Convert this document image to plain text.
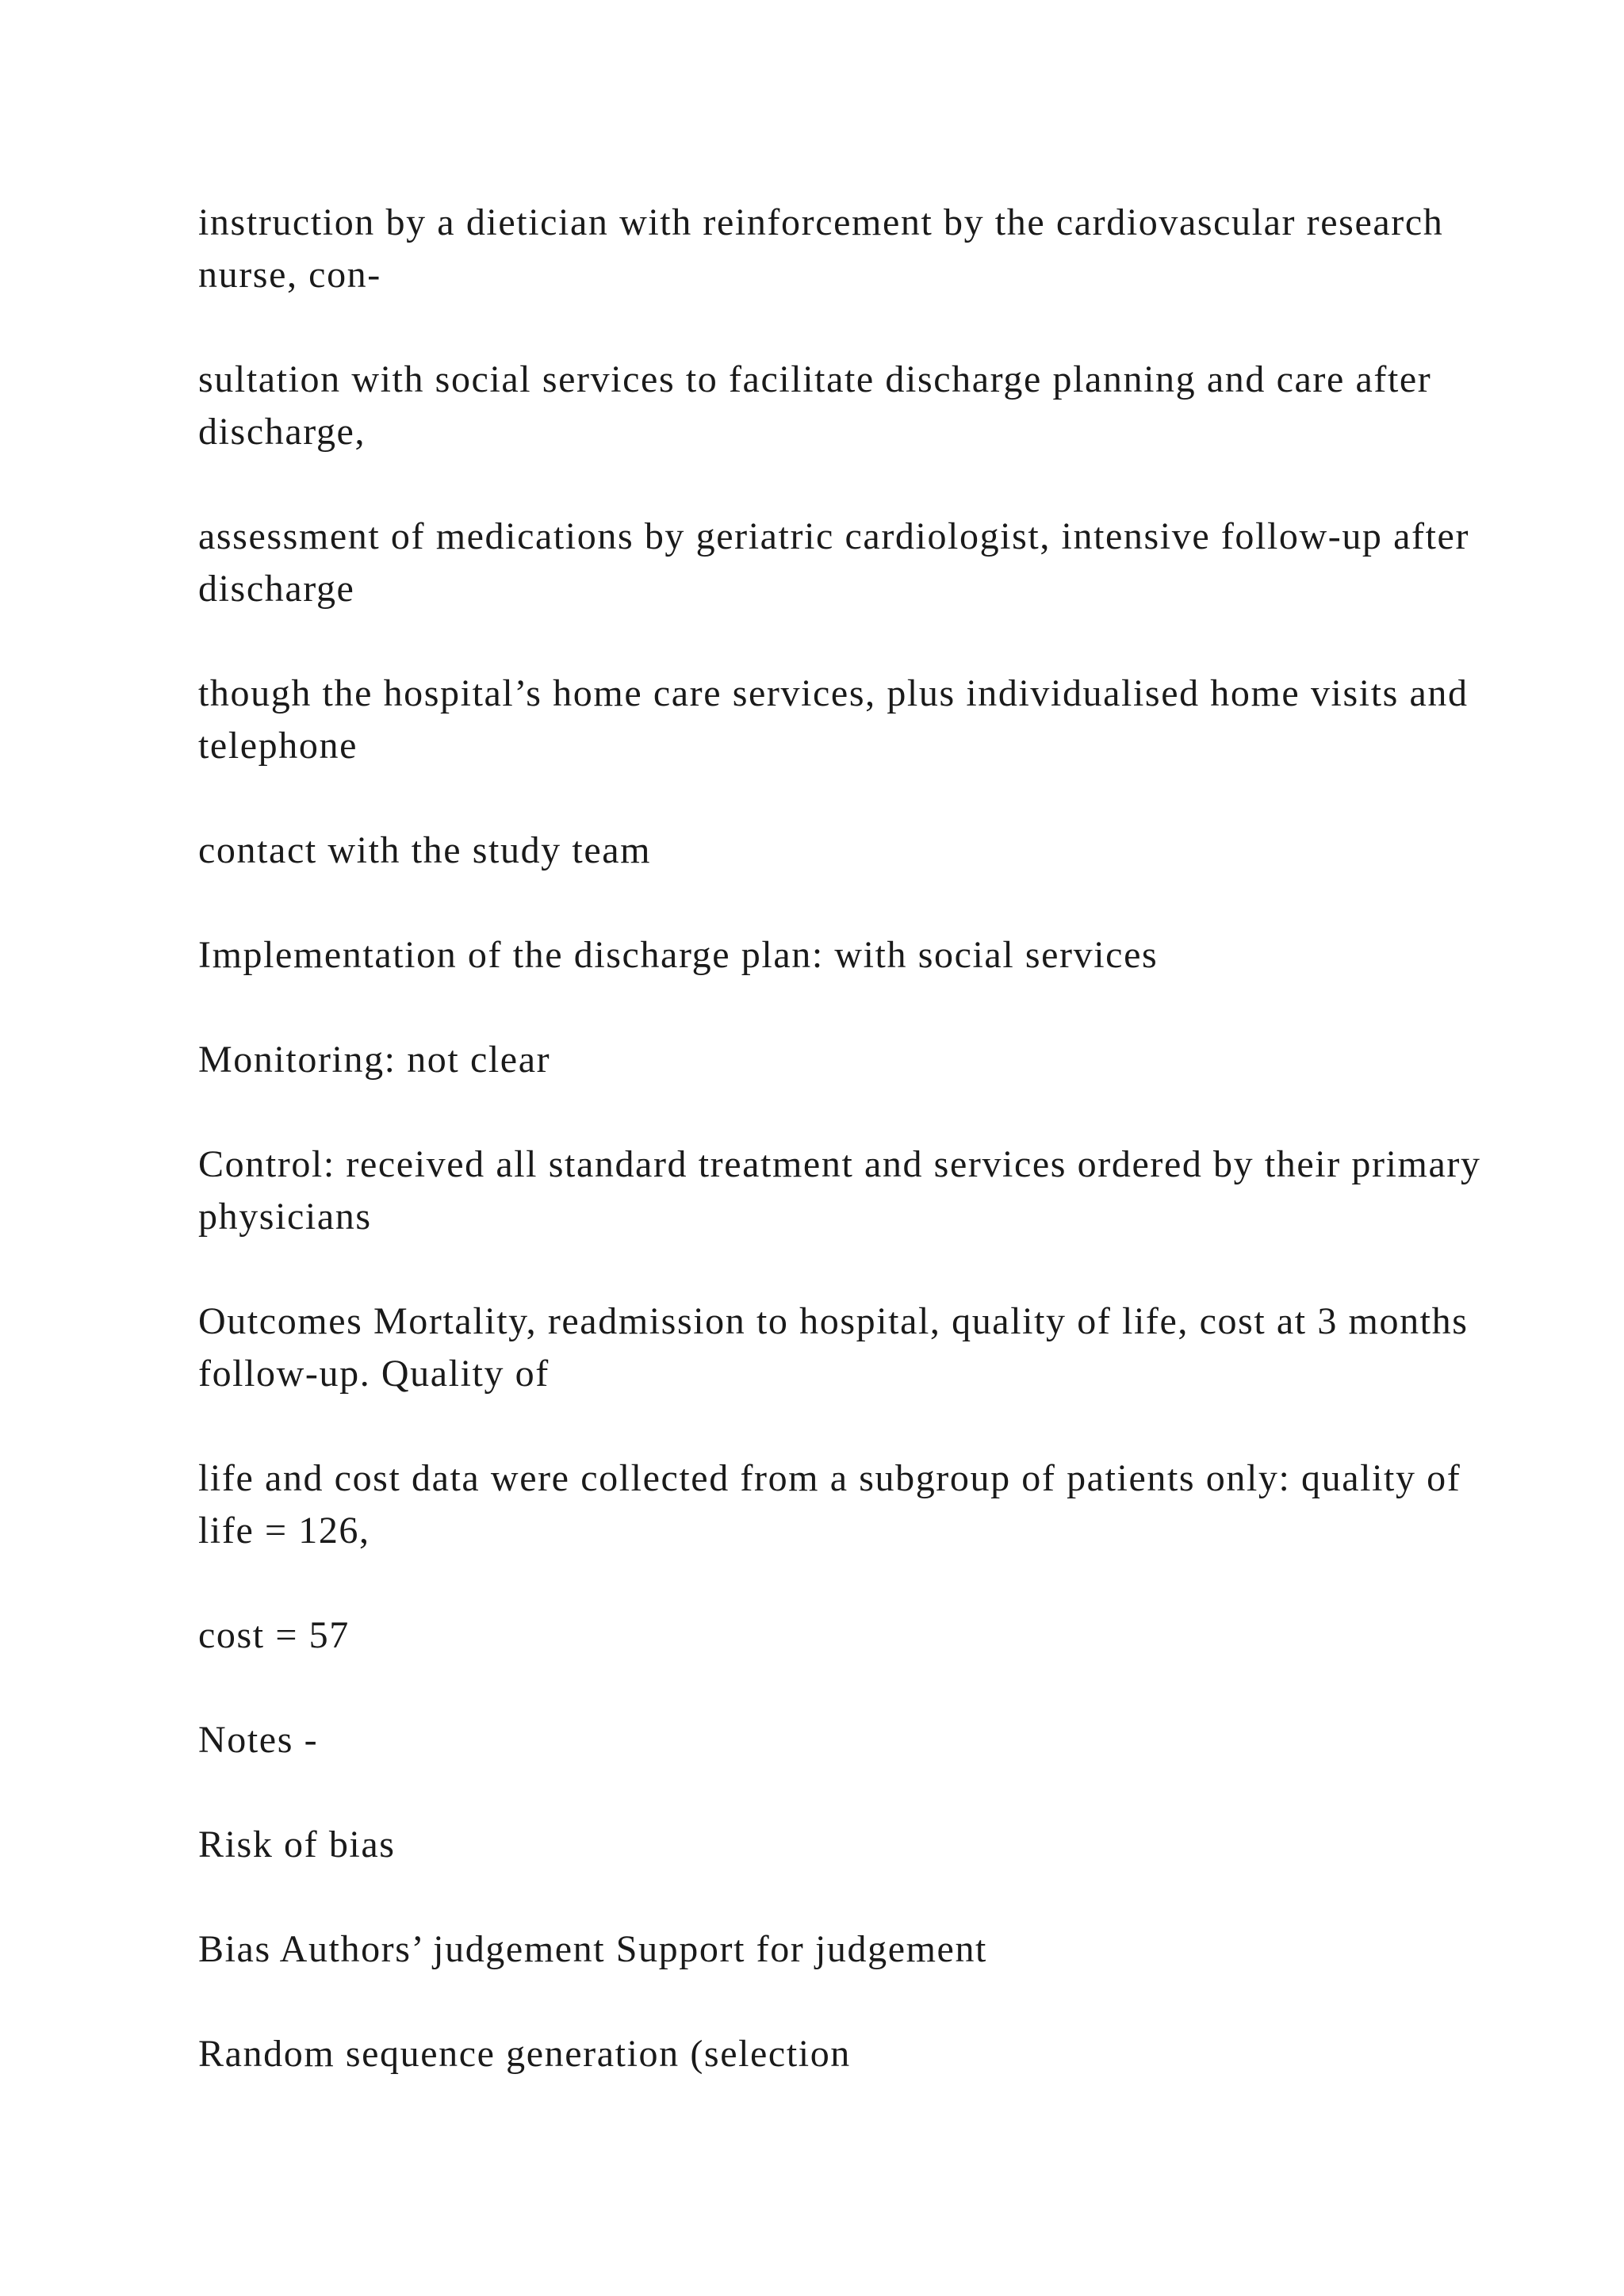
instruction by a dietician with reinforcement by the cardiovascular research nurse, con-

sultation with social services to facilitate discharge planning and care after discharge,

assessment of medications by geriatric cardiologist, intensive follow-up after discharge

though the hospital’s home care services, plus individualised home visits and telephone

contact with the study team

Implementation of the discharge plan: with social services

Monitoring: not clear

Control: received all standard treatment and services ordered by their primary physicians

Outcomes Mortality, readmission to hospital, quality of life, cost at 3 months follow-up. Quality of

life and cost data were collected from a subgroup of patients only: quality of life = 126,

cost = 57

Notes -

Risk of bias

Bias Authors’ judgement Support for judgement

Random sequence generation (selection
